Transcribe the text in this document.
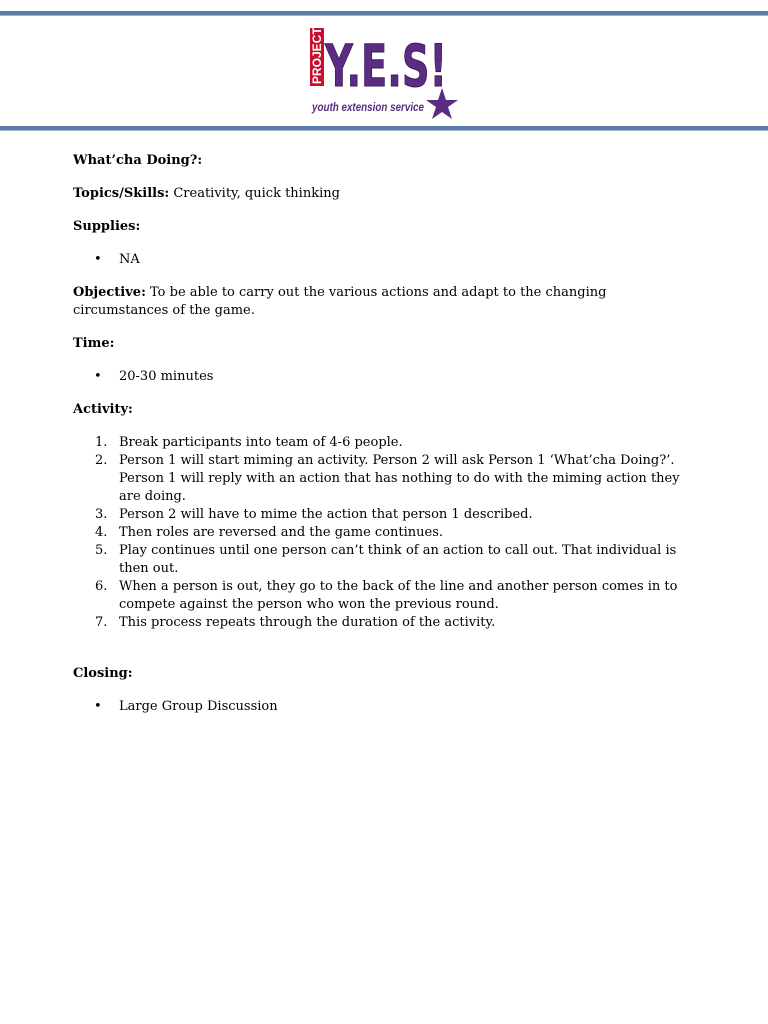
PROJECT Y.E.S!
youth extension service

What’cha Doing?:

Topics/Skills: Creativity, quick thinking

Supplies:

• NA

Objective: To be able to carry out the various actions and adapt to the changing circumstances of the game.

Time:

• 20-30 minutes

Activity:

1. Break participants into team of 4-6 people.
2. Person 1 will start miming an activity. Person 2 will ask Person 1 ‘What’cha Doing?’. Person 1 will reply with an action that has nothing to do with the miming action they are doing.
3. Person 2 will have to mime the action that person 1 described.
4. Then roles are reversed and the game continues.
5. Play continues until one person can’t think of an action to call out. That individual is then out.
6. When a person is out, they go to the back of the line and another person comes in to compete against the person who won the previous round.
7. This process repeats through the duration of the activity.

Closing:

• Large Group Discussion
